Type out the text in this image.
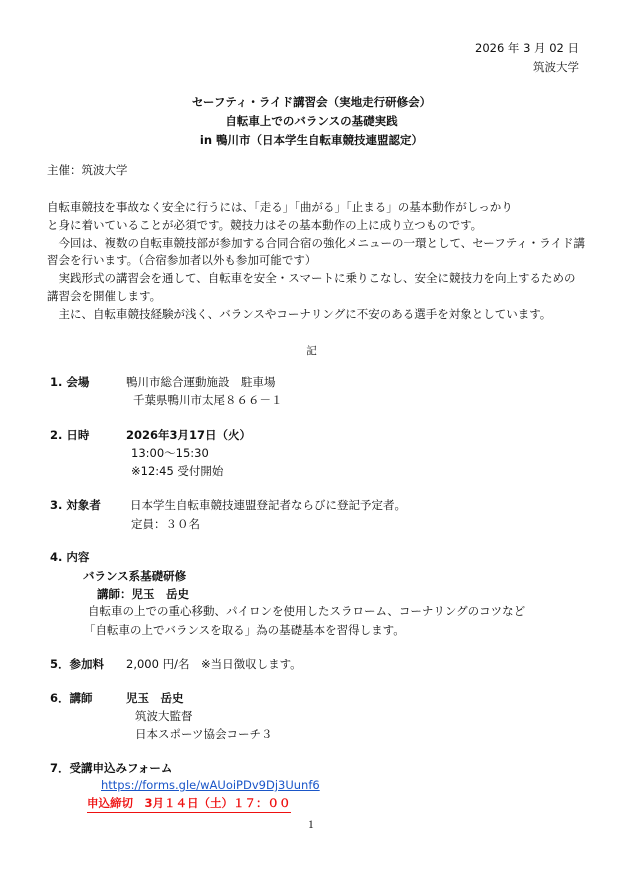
2026 年 3 月 02 日
筑波大学
セーフティ・ライド講習会（実地走行研修会）
自転車上でのバランスの基礎実践
in 鴨川市（日本学生自転車競技連盟認定）
主催：筑波大学

自転車競技を事故なく安全に行うには、「走る」「曲がる」「止まる」の基本動作がしっかり

と身に着いていることが必須です。競技力はその基本動作の上に成り立つものです。

今回は、複数の自転車競技部が参加する合同合宿の強化メニューの一環として、セーフティ・ライド講習会を行います。（合宿参加者以外も参加可能です）

実践形式の講習会を通して、自転車を安全・スマートに乗りこなし、安全に競技力を向上するための講習会を開催します。

主に、自転車競技経験が浅く、バランスやコーナリングに不安のある選手を対象としています。

記
1. 会場	鴨川市総合運動施設　駐車場
千葉県鴨川市太尾８６６－１
2. 日時	2026年3月17日（火）
13:00～15:30
※12:45 受付開始
3. 対象者	日本学生自転車競技連盟登記者ならびに登記予定者。
定員：３０名
4. 内容
バランス系基礎研修
講師：児玉　岳史
自転車の上での重心移動、パイロンを使用したスラローム、コーナリングのコツなど
「自転車の上でバランスを取る」為の基礎基本を習得します。
5．参加料 2,000 円/名　※当日徴収します。
6．講師	児玉　岳史
筑波大監督
日本スポーツ協会コーチ３
7．受講申込みフォーム
https://forms.gle/wAUoiPDv9Dj3Uunf6
申込締切　3月１４日（土）１７：００
1
